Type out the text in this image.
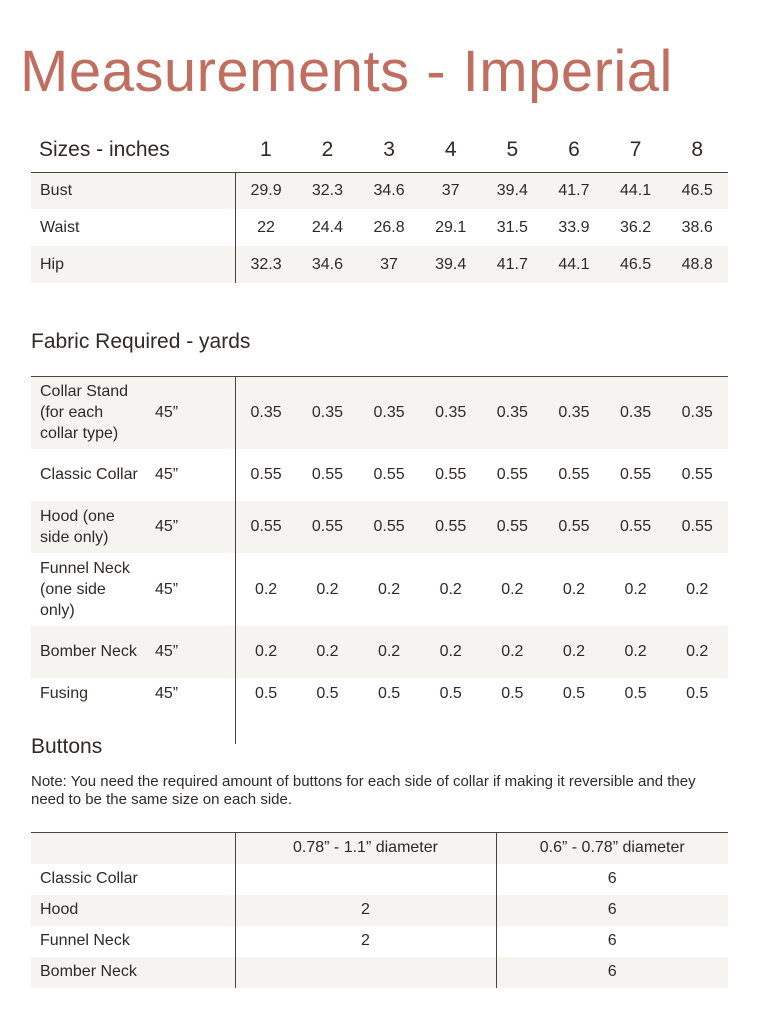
Measurements - Imperial
Sizes - inches	1	2	3	4	5	6	7	8
Bust	29.9	32.3	34.6	37	39.4	41.7	44.1	46.5
Waist	22	24.4	26.8	29.1	31.5	33.9	36.2	38.6
Hip	32.3	34.6	37	39.4	41.7	44.1	46.5	48.8
Fabric Required - yards
Collar Stand (for each collar type)	45”	0.35	0.35	0.35	0.35	0.35	0.35	0.35	0.35
Classic Collar	45”	0.55	0.55	0.55	0.55	0.55	0.55	0.55	0.55
Hood (one side only)	45”	0.55	0.55	0.55	0.55	0.55	0.55	0.55	0.55
Funnel Neck (one side only)	45”	0.2	0.2	0.2	0.2	0.2	0.2	0.2	0.2
Bomber Neck	45”	0.2	0.2	0.2	0.2	0.2	0.2	0.2	0.2
Fusing	45”	0.5	0.5	0.5	0.5	0.5	0.5	0.5	0.5

Buttons
Note: You need the required amount of buttons for each side of collar if making it reversible and they need to be the same size on each side.
	0.78” - 1.1” diameter	0.6” - 0.78” diameter
Classic Collar		6
Hood	2	6
Funnel Neck	2	6
Bomber Neck		6
